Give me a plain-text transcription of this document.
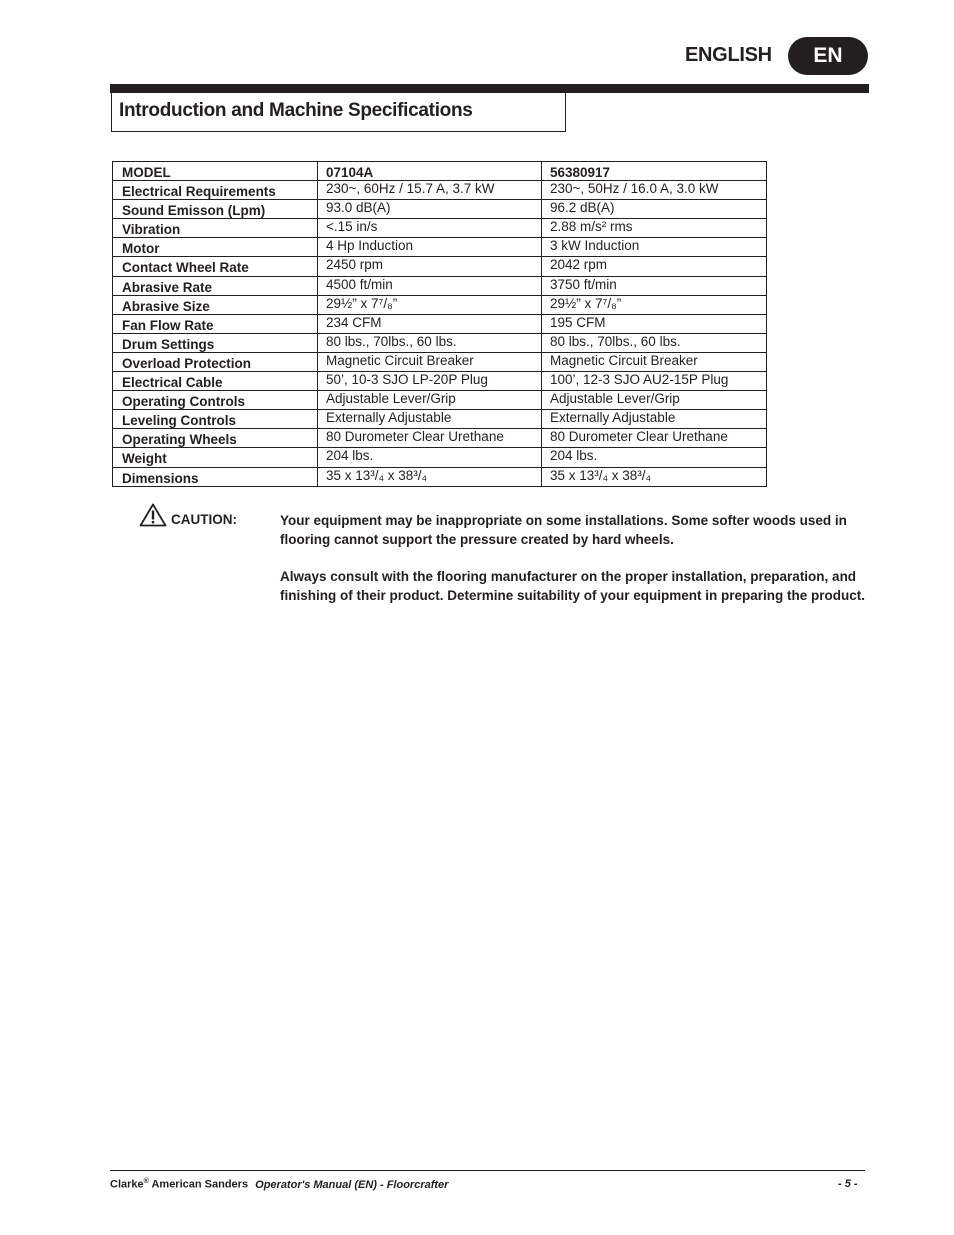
ENGLISH EN
Introduction and Machine Specifications
MODEL	07104A	56380917
Electrical Requirements	230~, 60Hz / 15.7 A, 3.7 kW	230~, 50Hz / 16.0 A, 3.0 kW
Sound Emisson (Lpm)	93.0 dB(A)	96.2 dB(A)
Vibration	<.15 in/s	2.88 m/s² rms
Motor	4 Hp Induction	3 kW Induction
Contact Wheel Rate	2450 rpm	2042 rpm
Abrasive Rate	4500 ft/min	3750 ft/min
Abrasive Size	29½” x 7⁷/₈”	29½” x 7⁷/₈”
Fan Flow Rate	234 CFM	195 CFM
Drum Settings	80 lbs., 70lbs., 60 lbs.	80 lbs., 70lbs., 60 lbs.
Overload Protection	Magnetic Circuit Breaker	Magnetic Circuit Breaker
Electrical Cable	50’, 10-3 SJO LP-20P Plug	100’, 12-3 SJO AU2-15P Plug
Operating Controls	Adjustable Lever/Grip	Adjustable Lever/Grip
Leveling Controls	Externally Adjustable	Externally Adjustable
Operating Wheels	80 Durometer Clear Urethane	80 Durometer Clear Urethane
Weight	204 lbs.	204 lbs.
Dimensions	35 x 13³/₄ x 38³/₄	35 x 13³/₄ x 38³/₄
CAUTION:	Your equipment may be inappropriate on some installations. Some softer woods used in flooring cannot support the pressure created by hard wheels.

Always consult with the flooring manufacturer on the proper installation, preparation, and finishing of their product. Determine suitability of your equipment in preparing the product.

Clarke® American Sanders Operator's Manual (EN) - Floorcrafter	- 5 -
